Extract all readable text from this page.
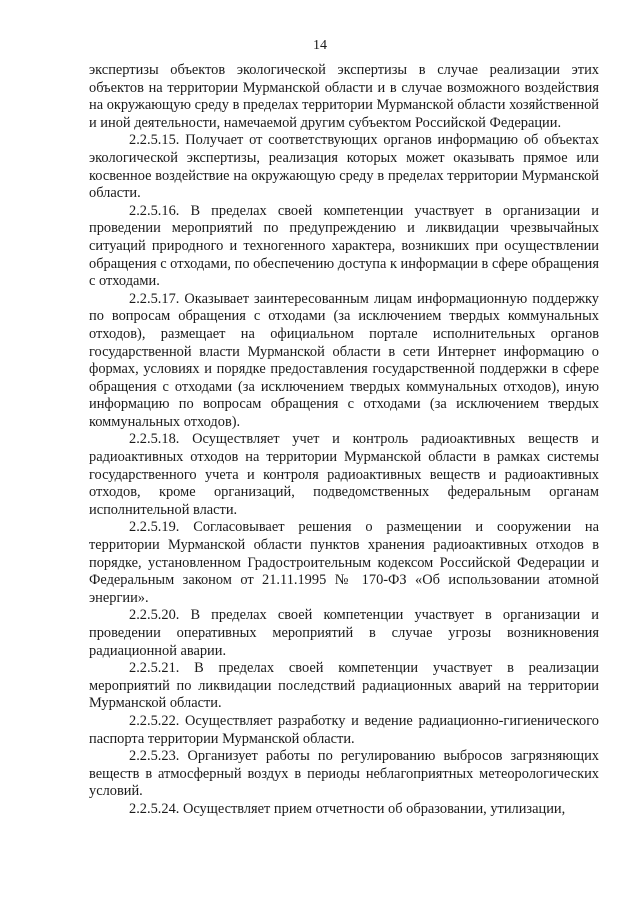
14

экспертизы объектов экологической экспертизы в случае реализации этих объектов на территории Мурманской области и в случае возможного воздействия на окружающую среду в пределах территории Мурманской области хозяйственной и иной деятельности, намечаемой другим субъектом Российской Федерации.

2.2.5.15. Получает от соответствующих органов информацию об объектах экологической экспертизы, реализация которых может оказывать прямое или косвенное воздействие на окружающую среду в пределах территории Мурманской области.

2.2.5.16. В пределах своей компетенции участвует в организации и проведении мероприятий по предупреждению и ликвидации чрезвычайных ситуаций природного и техногенного характера, возникших при осуществлении обращения с отходами, по обеспечению доступа к информации в сфере обращения с отходами.

2.2.5.17. Оказывает заинтересованным лицам информационную поддержку по вопросам обращения с отходами (за исключением твердых коммунальных отходов), размещает на официальном портале исполнительных органов государственной власти Мурманской области в сети Интернет информацию о формах, условиях и порядке предоставления государственной поддержки в сфере обращения с отходами (за исключением твердых коммунальных отходов), иную информацию по вопросам обращения с отходами (за исключением твердых коммунальных отходов).

2.2.5.18. Осуществляет учет и контроль радиоактивных веществ и радиоактивных отходов на территории Мурманской области в рамках системы государственного учета и контроля радиоактивных веществ и радиоактивных отходов, кроме организаций, подведомственных федеральным органам исполнительной власти.

2.2.5.19. Согласовывает решения о размещении и сооружении на территории Мурманской области пунктов хранения радиоактивных отходов в порядке, установленном Градостроительным кодексом Российской Федерации и Федеральным законом от 21.11.1995 № 170-ФЗ «Об использовании атомной энергии».

2.2.5.20. В пределах своей компетенции участвует в организации и проведении оперативных мероприятий в случае угрозы возникновения радиационной аварии.

2.2.5.21. В пределах своей компетенции участвует в реализации мероприятий по ликвидации последствий радиационных аварий на территории Мурманской области.

2.2.5.22. Осуществляет разработку и ведение радиационно-гигиенического паспорта территории Мурманской области.

2.2.5.23. Организует работы по регулированию выбросов загрязняющих веществ в атмосферный воздух в периоды неблагоприятных метеорологических условий.

2.2.5.24. Осуществляет прием отчетности об образовании, утилизации,
